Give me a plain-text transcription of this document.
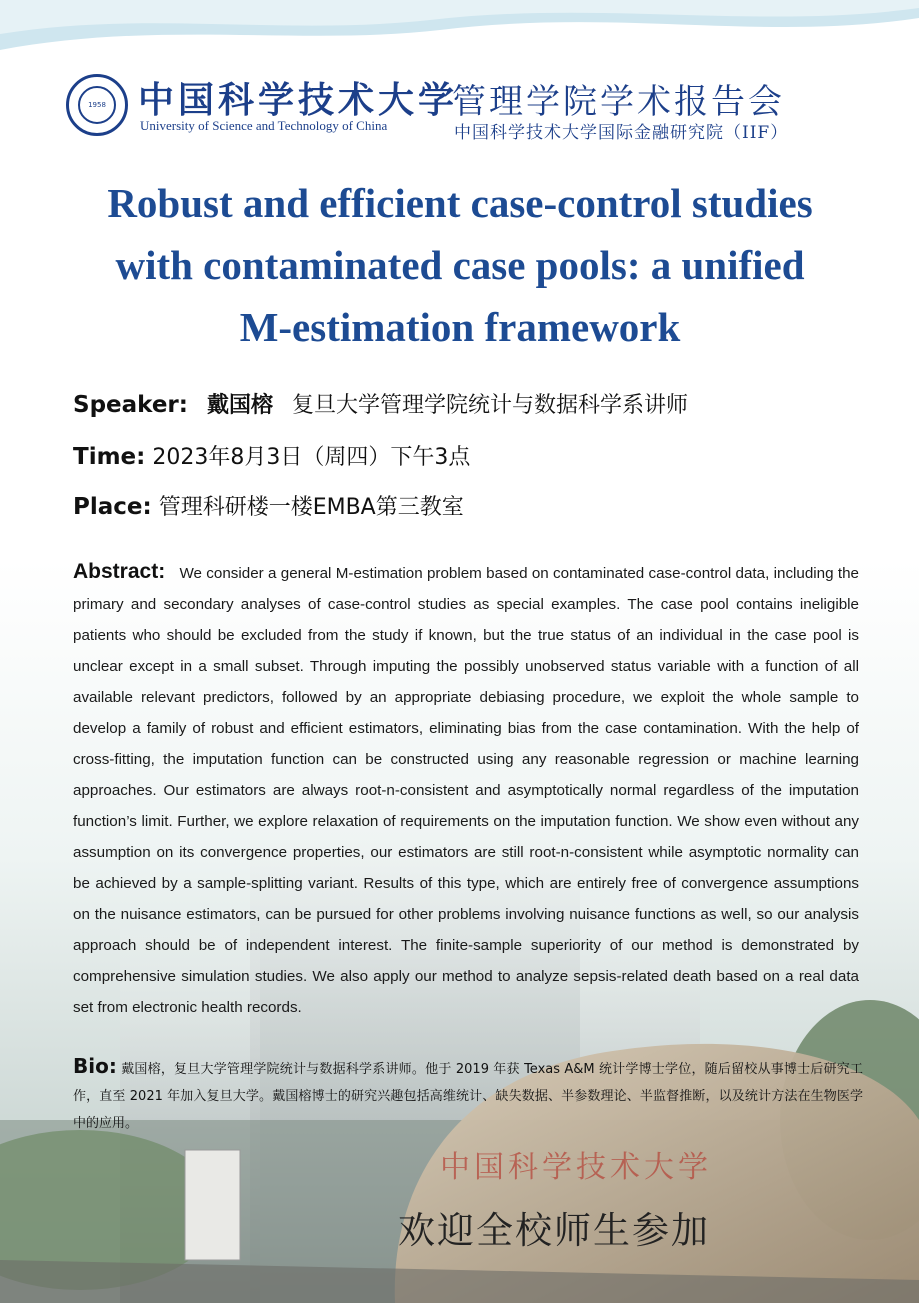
1958 中国科学技术大学
University of Science and Technology of China
管理学院学术报告会
中国科学技术大学国际金融研究院（IIF）
Robust and efficient case-control studies
with contaminated case pools: a unified
M-estimation framework
Speaker: 戴国榕 复旦大学管理学院统计与数据科学系讲师
Time: 2023年8月3日（周四）下午3点
Place: 管理科研楼一楼EMBA第三教室
Abstract: We consider a general M-estimation problem based on contaminated case-control data, including the primary and secondary analyses of case-control studies as special examples. The case pool contains ineligible patients who should be excluded from the study if known, but the true status of an individual in the case pool is unclear except in a small subset. Through imputing the possibly unobserved status variable with a function of all available relevant predictors, followed by an appropriate debiasing procedure, we exploit the whole sample to develop a family of robust and efficient estimators, eliminating bias from the case contamination. With the help of cross-fitting, the imputation function can be constructed using any reasonable regression or machine learning approaches. Our estimators are always root-n-consistent and asymptotically normal regardless of the imputation function’s limit. Further, we explore relaxation of requirements on the imputation function. We show even without any assumption on its convergence properties, our estimators are still root-n-consistent while asymptotic normality can be achieved by a sample-splitting variant. Results of this type, which are entirely free of convergence assumptions on the nuisance estimators, can be pursued for other problems involving nuisance functions as well, so our analysis approach should be of independent interest. The finite-sample superiority of our method is demonstrated by comprehensive simulation studies. We also apply our method to analyze sepsis-related death based on a real data set from electronic health records.
Bio: 戴国榕，复旦大学管理学院统计与数据科学系讲师。他于 2019 年获 Texas A&M 统计学博士学位，随后留校从事博士后研究工作，直至 2021 年加入复旦大学。戴国榕博士的研究兴趣包括高维统计、缺失数据、半参数理论、半监督推断，以及统计方法在生物医学中的应用。
中国科学技术大学
欢迎全校师生参加
